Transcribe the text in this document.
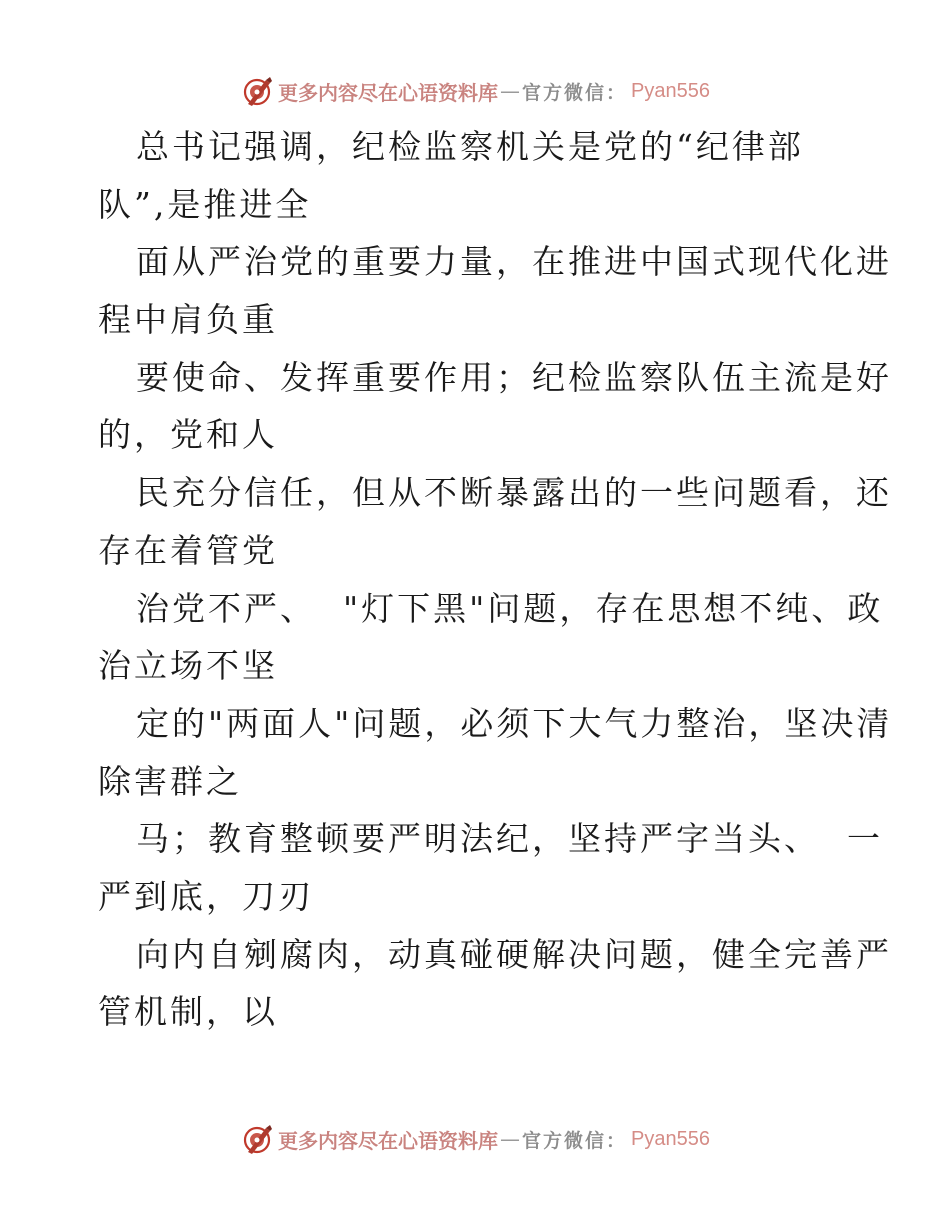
更多内容尽在心语资料库 — 官方微信： Pyan556
总书记强调，纪检监察机关是党的“纪律部
队”,是推进全
面从严治党的重要力量，在推进中国式现代化进
程中肩负重
要使命、发挥重要作用；纪检监察队伍主流是好
的，党和人
民充分信任，但从不断暴露出的一些问题看，还
存在着管党
治党不严、  "灯下黑"问题，存在思想不纯、政
治立场不坚
定的"两面人"问题，必须下大气力整治，坚决清
除害群之
马；教育整顿要严明法纪，坚持严字当头、  一
严到底，刀刃
向内自剜腐肉，动真碰硬解决问题，健全完善严
管机制，以
更多内容尽在心语资料库 — 官方微信： Pyan556
